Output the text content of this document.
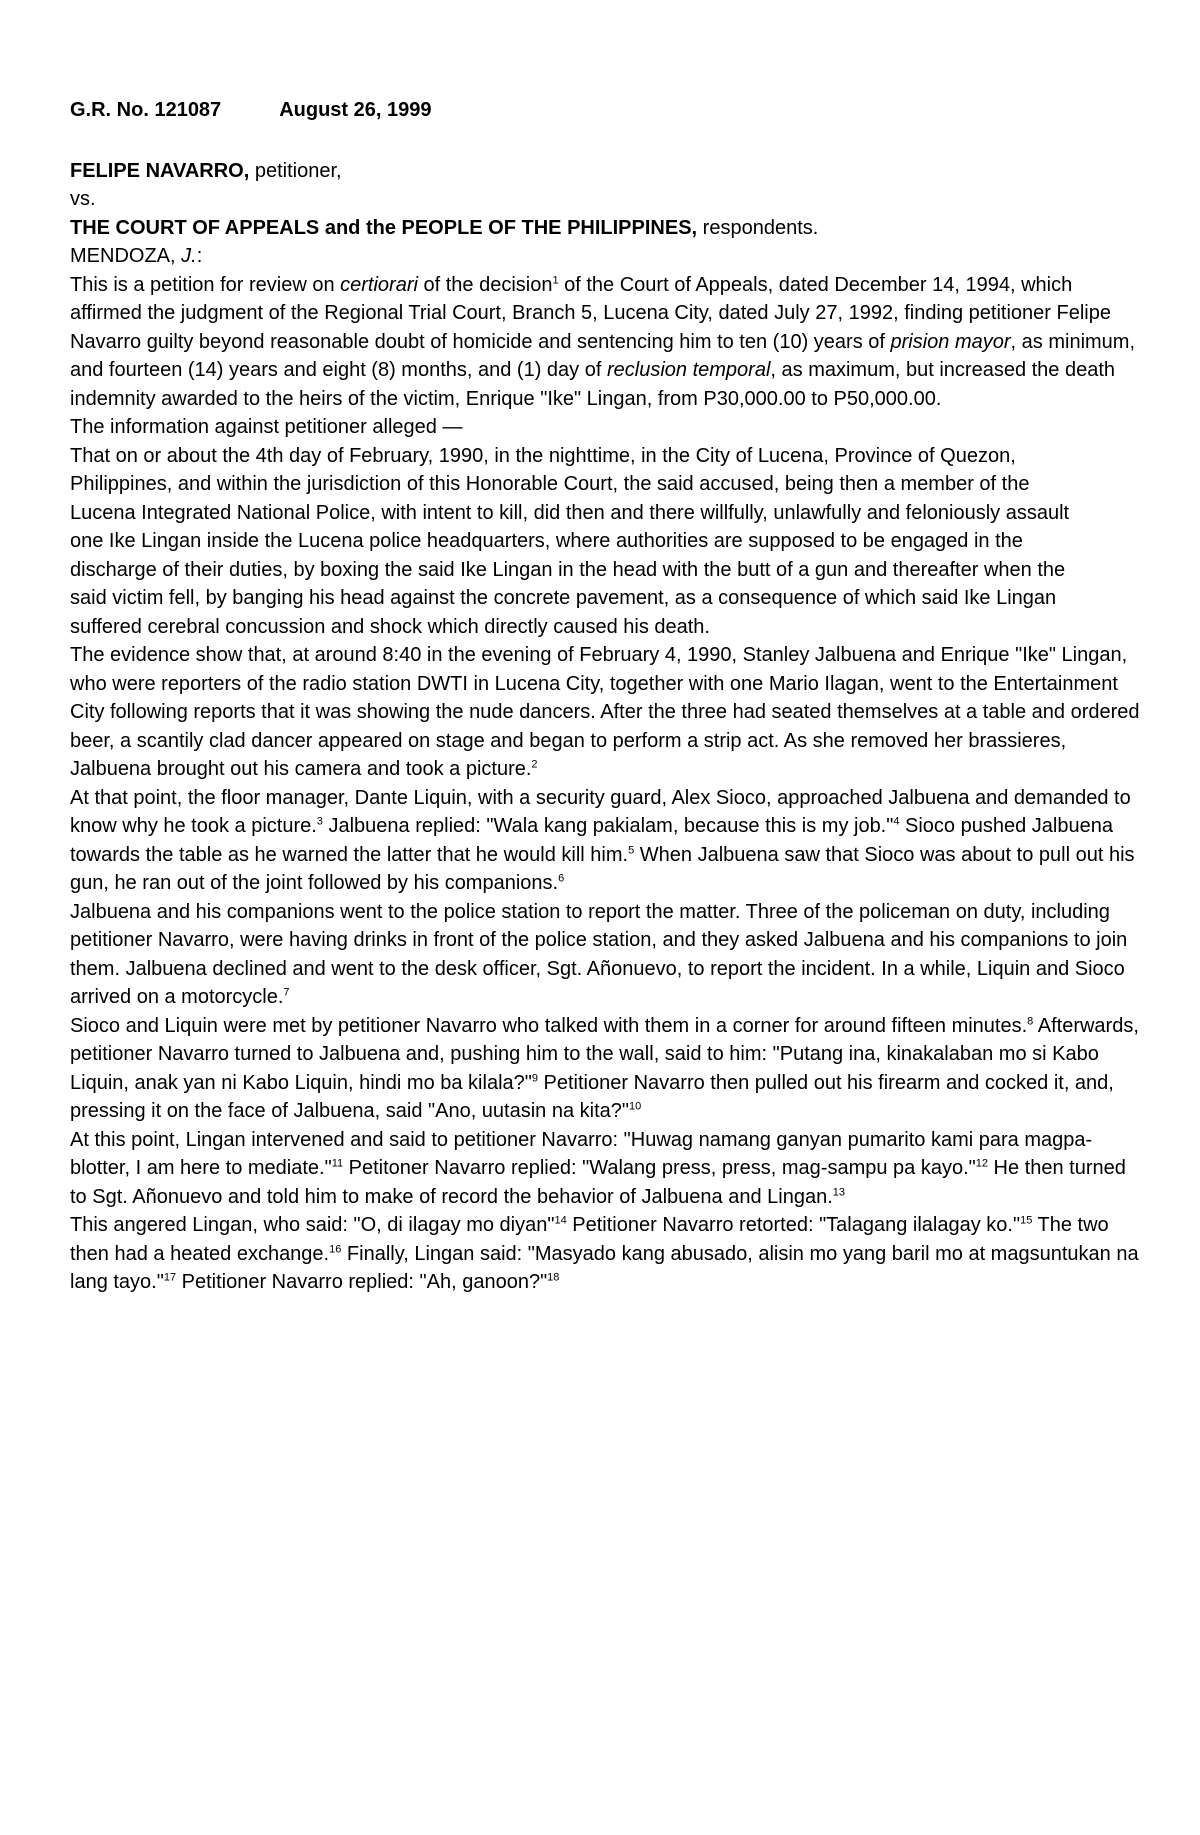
G.R. No. 121087	August 26, 1999

FELIPE NAVARRO, petitioner,

vs.

THE COURT OF APPEALS and the PEOPLE OF THE PHILIPPINES, respondents.

MENDOZA, J.:

This is a petition for review on certiorari of the decision$^1$ of the Court of Appeals, dated December 14, 1994, which affirmed the judgment of the Regional Trial Court, Branch 5, Lucena City, dated July 27, 1992, finding petitioner Felipe Navarro guilty beyond reasonable doubt of homicide and sentencing him to ten (10) years of prision mayor, as minimum, and fourteen (14) years and eight (8) months, and (1) day of reclusion temporal, as maximum, but increased the death indemnity awarded to the heirs of the victim, Enrique "Ike" Lingan, from P30,000.00 to P50,000.00.

The information against petitioner alleged —

That on or about the 4th day of February, 1990, in the nighttime, in the City of Lucena, Province of Quezon, Philippines, and within the jurisdiction of this Honorable Court, the said accused, being then a member of the Lucena Integrated National Police, with intent to kill, did then and there willfully, unlawfully and feloniously assault one Ike Lingan inside the Lucena police headquarters, where authorities are supposed to be engaged in the discharge of their duties, by boxing the said Ike Lingan in the head with the butt of a gun and thereafter when the said victim fell, by banging his head against the concrete pavement, as a consequence of which said Ike Lingan suffered cerebral concussion and shock which directly caused his death.

The evidence show that, at around 8:40 in the evening of February 4, 1990, Stanley Jalbuena and Enrique "Ike" Lingan, who were reporters of the radio station DWTI in Lucena City, together with one Mario Ilagan, went to the Entertainment City following reports that it was showing the nude dancers. After the three had seated themselves at a table and ordered beer, a scantily clad dancer appeared on stage and began to perform a strip act. As she removed her brassieres, Jalbuena brought out his camera and took a picture.$^2$

At that point, the floor manager, Dante Liquin, with a security guard, Alex Sioco, approached Jalbuena and demanded to know why he took a picture.$^3$ Jalbuena replied: "Wala kang pakialam, because this is my job."$^4$ Sioco pushed Jalbuena towards the table as he warned the latter that he would kill him.$^5$ When Jalbuena saw that Sioco was about to pull out his gun, he ran out of the joint followed by his companions.$^6$

Jalbuena and his companions went to the police station to report the matter. Three of the policeman on duty, including petitioner Navarro, were having drinks in front of the police station, and they asked Jalbuena and his companions to join them. Jalbuena declined and went to the desk officer, Sgt. Añonuevo, to report the incident. In a while, Liquin and Sioco arrived on a motorcycle.$^7$

Sioco and Liquin were met by petitioner Navarro who talked with them in a corner for around fifteen minutes.$^8$ Afterwards, petitioner Navarro turned to Jalbuena and, pushing him to the wall, said to him: "Putang ina, kinakalaban mo si Kabo Liquin, anak yan ni Kabo Liquin, hindi mo ba kilala?"$^9$ Petitioner Navarro then pulled out his firearm and cocked it, and, pressing it on the face of Jalbuena, said "Ano, uutasin na kita?"$^{10}$

At this point, Lingan intervened and said to petitioner Navarro: "Huwag namang ganyan pumarito kami para magpa-blotter, I am here to mediate."$^{11}$ Petitoner Navarro replied: "Walang press, press, mag-sampu pa kayo."$^{12}$ He then turned to Sgt. Añonuevo and told him to make of record the behavior of Jalbuena and Lingan.$^{13}$

This angered Lingan, who said: "O, di ilagay mo diyan"$^{14}$ Petitioner Navarro retorted: "Talagang ilalagay ko."$^{15}$ The two then had a heated exchange.$^{16}$ Finally, Lingan said: "Masyado kang abusado, alisin mo yang baril mo at magsuntukan na lang tayo."$^{17}$ Petitioner Navarro replied: "Ah, ganoon?"$^{18}$
